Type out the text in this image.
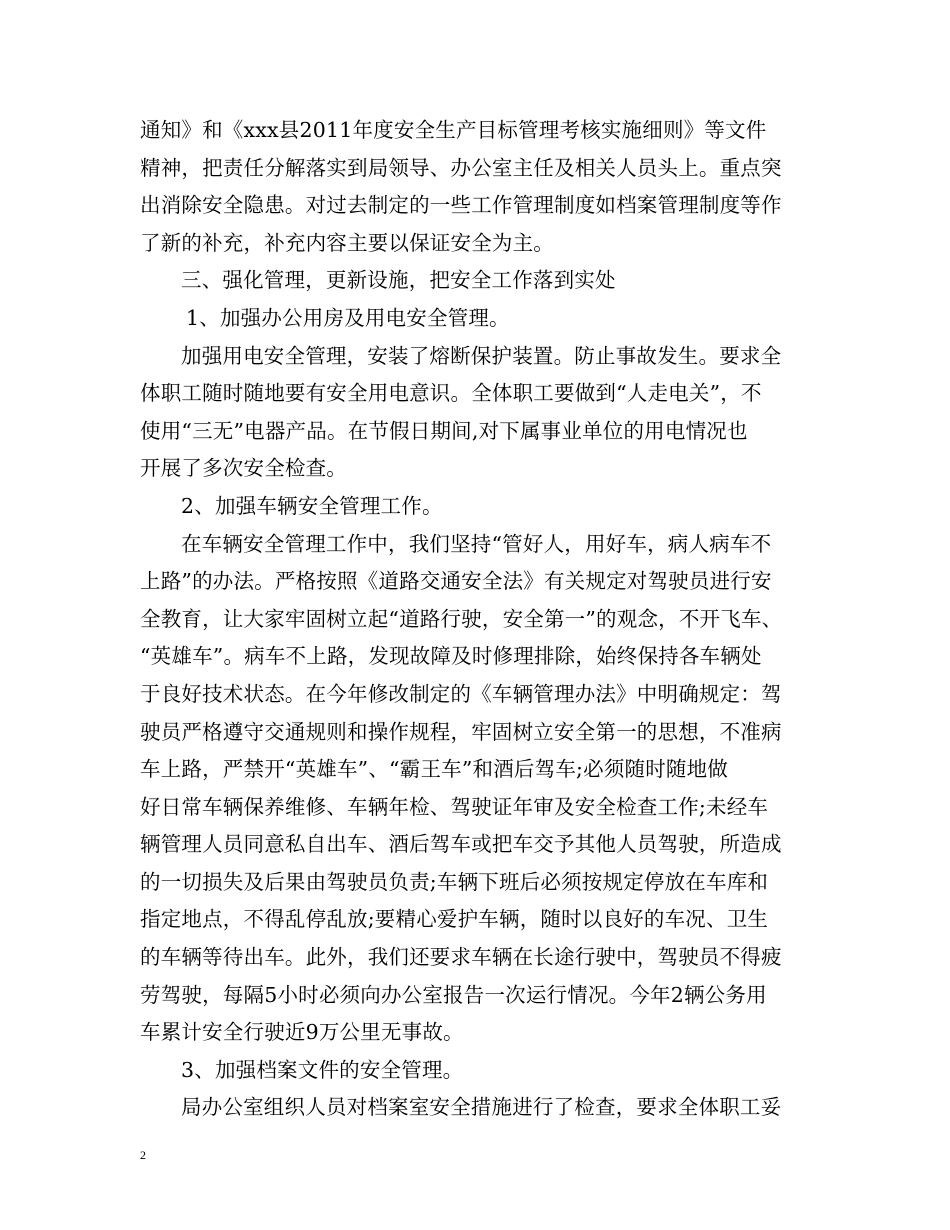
通知》和《xxx县2011年度安全生产目标管理考核实施细则》等文件
精神，把责任分解落实到局领导、办公室主任及相关人员头上。重点突
出消除安全隐患。对过去制定的一些工作管理制度如档案管理制度等作
了新的补充，补充内容主要以保证安全为主。
三、强化管理，更新设施，把安全工作落到实处
1、加强办公用房及用电安全管理。
加强用电安全管理，安装了熔断保护装置。防止事故发生。要求全
体职工随时随地要有安全用电意识。全体职工要做到“人走电关”，不
使用“三无”电器产品。在节假日期间,对下属事业单位的用电情况也
开展了多次安全检查。
2、加强车辆安全管理工作。
在车辆安全管理工作中，我们坚持“管好人，用好车，病人病车不
上路”的办法。严格按照《道路交通安全法》有关规定对驾驶员进行安
全教育，让大家牢固树立起“道路行驶，安全第一”的观念，不开飞车、
“英雄车”。病车不上路，发现故障及时修理排除，始终保持各车辆处
于良好技术状态。在今年修改制定的《车辆管理办法》中明确规定：驾
驶员严格遵守交通规则和操作规程，牢固树立安全第一的思想，不准病
车上路，严禁开“英雄车”、“霸王车”和酒后驾车;必须随时随地做
好日常车辆保养维修、车辆年检、驾驶证年审及安全检查工作;未经车
辆管理人员同意私自出车、酒后驾车或把车交予其他人员驾驶，所造成
的一切损失及后果由驾驶员负责;车辆下班后必须按规定停放在车库和
指定地点，不得乱停乱放;要精心爱护车辆，随时以良好的车况、卫生
的车辆等待出车。此外，我们还要求车辆在长途行驶中，驾驶员不得疲
劳驾驶，每隔5小时必须向办公室报告一次运行情况。今年2辆公务用
车累计安全行驶近9万公里无事故。
3、加强档案文件的安全管理。
局办公室组织人员对档案室安全措施进行了检查，要求全体职工妥
2
